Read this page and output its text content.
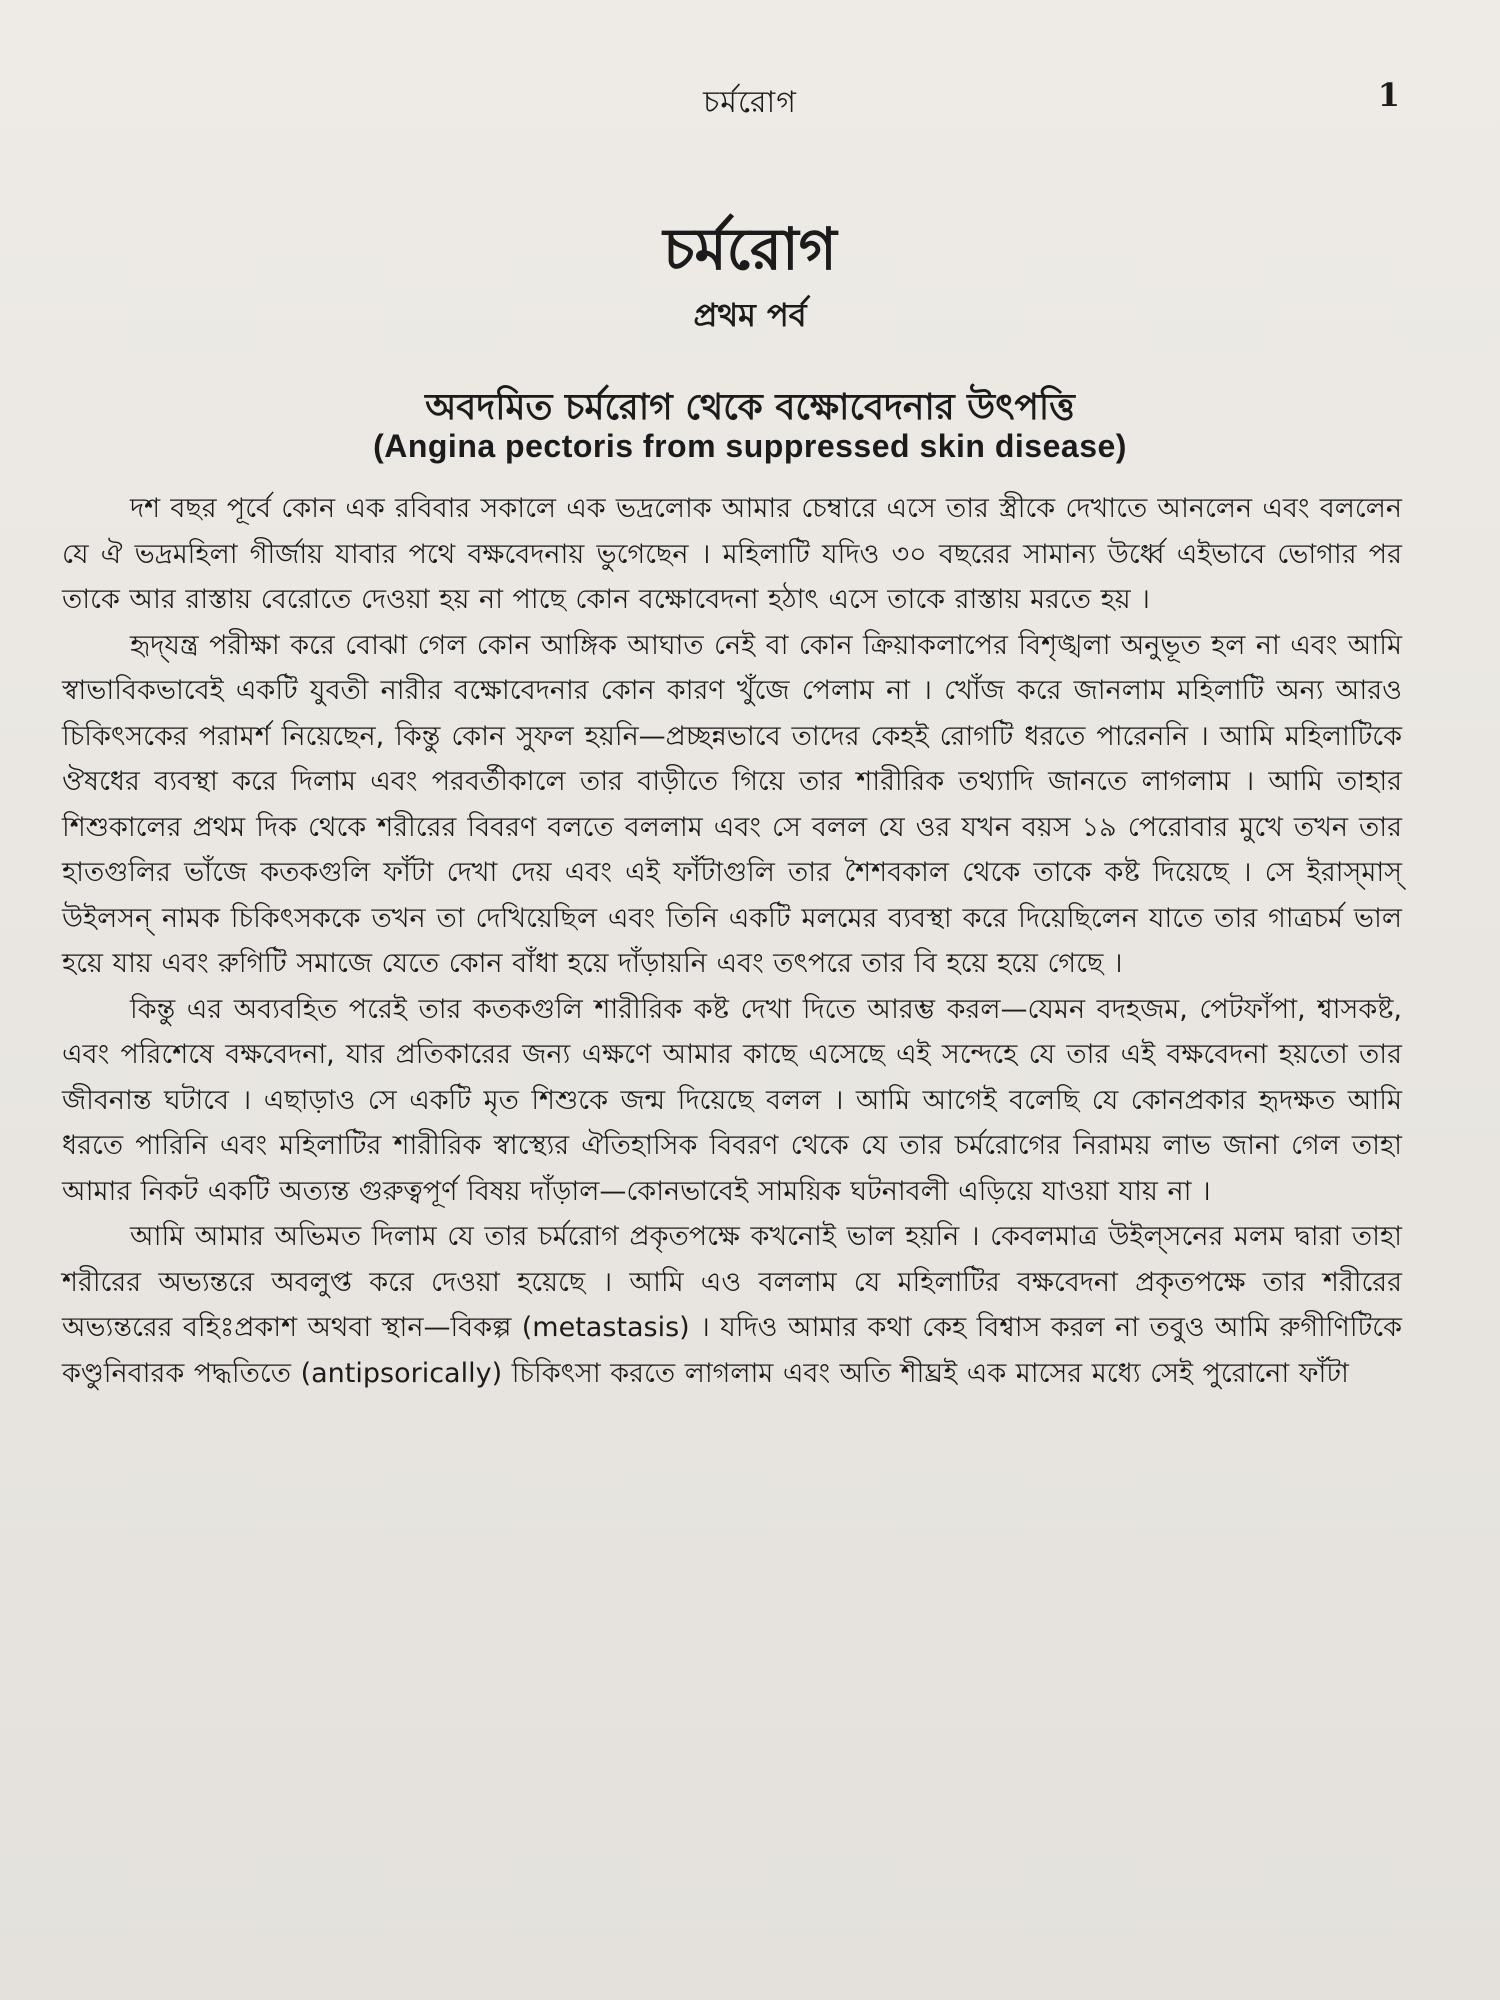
চর্মরোগ	1
চর্মরোগ
প্রথম পর্ব
অবদমিত চর্মরোগ থেকে বক্ষোবেদনার উৎপত্তি
(Angina pectoris from suppressed skin disease)

দশ বছর পূর্বে কোন এক রবিবার সকালে এক ভদ্রলোক আমার চেম্বারে এসে তার স্ত্রীকে দেখাতে আনলেন এবং বললেন যে ঐ ভদ্রমহিলা গীর্জায় যাবার পথে বক্ষবেদনায় ভুগেছেন । মহিলাটি যদিও ৩০ বছরের সামান্য উর্ধ্বে এইভাবে ভোগার পর তাকে আর রাস্তায় বেরোতে দেওয়া হয় না পাছে কোন বক্ষোবেদনা হঠাৎ এসে তাকে রাস্তায় মরতে হয় ।

হৃদ্‌যন্ত্র পরীক্ষা করে বোঝা গেল কোন আঙ্গিক আঘাত নেই বা কোন ক্রিয়াকলাপের বিশৃঙ্খলা অনুভূত হল না এবং আমি স্বাভাবিকভাবেই একটি যুবতী নারীর বক্ষোবেদনার কোন কারণ খুঁজে পেলাম না । খোঁজ করে জানলাম মহিলাটি অন্য আরও চিকিৎসকের পরামর্শ নিয়েছেন, কিন্তু কোন সুফল হয়নি—প্রচ্ছন্নভাবে তাদের কেহই রোগটি ধরতে পারেননি । আমি মহিলাটিকে ঔষধের ব্যবস্থা করে দিলাম এবং পরবর্তীকালে তার বাড়ীতে গিয়ে তার শারীরিক তথ্যাদি জানতে লাগলাম । আমি তাহার শিশুকালের প্রথম দিক থেকে শরীরের বিবরণ বলতে বললাম এবং সে বলল যে ওর যখন বয়স ১৯ পেরোবার মুখে তখন তার হাতগুলির ভাঁজে কতকগুলি ফাঁটা দেখা দেয় এবং এই ফাঁটাগুলি তার শৈশবকাল থেকে তাকে কষ্ট দিয়েছে । সে ইরাস্‌মাস্‌ উইলসন্‌ নামক চিকিৎসককে তখন তা দেখিয়েছিল এবং তিনি একটি মলমের ব্যবস্থা করে দিয়েছিলেন যাতে তার গাত্রচর্ম ভাল হয়ে যায় এবং রুগিটি সমাজে যেতে কোন বাঁধা হয়ে দাঁড়ায়নি এবং তৎপরে তার বি হয়ে হয়ে গেছে ।

কিন্তু এর অব্যবহিত পরেই তার কতকগুলি শারীরিক কষ্ট দেখা দিতে আরম্ভ করল—যেমন বদহজম, পেটফাঁপা, শ্বাসকষ্ট, এবং পরিশেষে বক্ষবেদনা, যার প্রতিকারের জন্য এক্ষণে আমার কাছে এসেছে এই সন্দেহে যে তার এই বক্ষবেদনা হয়তো তার জীবনান্ত ঘটাবে । এছাড়াও সে একটি মৃত শিশুকে জন্ম দিয়েছে বলল । আমি আগেই বলেছি যে কোনপ্রকার হৃদক্ষত আমি ধরতে পারিনি এবং মহিলাটির শারীরিক স্বাস্থ্যের ঐতিহাসিক বিবরণ থেকে যে তার চর্মরোগের নিরাময় লাভ জানা গেল তাহা আমার নিকট একটি অত্যন্ত গুরুত্বপূর্ণ বিষয় দাঁড়াল—কোনভাবেই সাময়িক ঘটনাবলী এড়িয়ে যাওয়া যায় না ।

আমি আমার অভিমত দিলাম যে তার চর্মরোগ প্রকৃতপক্ষে কখনোই ভাল হয়নি । কেবলমাত্র উইল্‌সনের মলম দ্বারা তাহা শরীরের অভ্যন্তরে অবলুপ্ত করে দেওয়া হয়েছে । আমি এও বললাম যে মহিলাটির বক্ষবেদনা প্রকৃতপক্ষে তার শরীরের অভ্যন্তরের বহিঃপ্রকাশ অথবা স্থান—বিকল্প (metastasis) । যদিও আমার কথা কেহ বিশ্বাস করল না তবুও আমি রুগীণিটিকে কণ্ডুনিবারক পদ্ধতিতে (antipsorically) চিকিৎসা করতে লাগলাম এবং অতি শীঘ্রই এক মাসের মধ্যে সেই পুরোনো ফাঁটা
